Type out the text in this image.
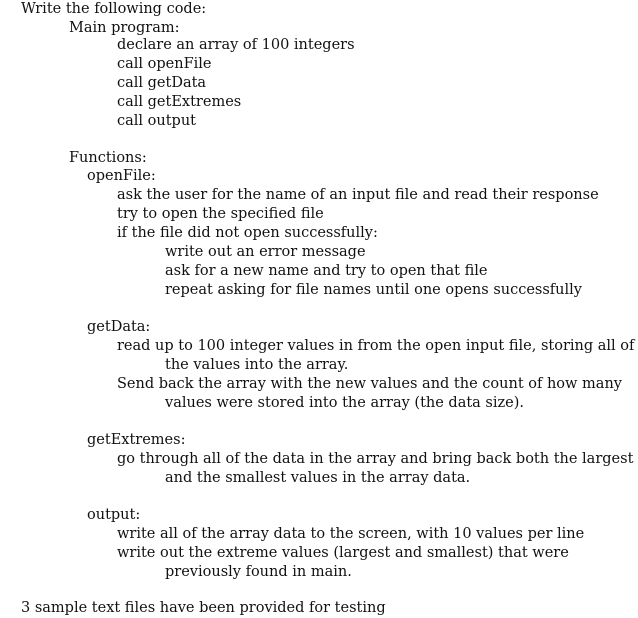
Write the following code:
Main program:
declare an array of 100 integers
call openFile
call getData
call getExtremes
call output
Functions:
openFile:
ask the user for the name of an input file and read their response
try to open the specified file
if the file did not open successfully:
write out an error message
ask for a new name and try to open that file
repeat asking for file names until one opens successfully
getData:
read up to 100 integer values in from the open input file, storing all of
the values into the array.
Send back the array with the new values and the count of how many
values were stored into the array (the data size).
getExtremes:
go through all of the data in the array and bring back both the largest
and the smallest values in the array data.
output:
write all of the array data to the screen, with 10 values per line
write out the extreme values (largest and smallest) that were
previously found in main.
3 sample text files have been provided for testing
